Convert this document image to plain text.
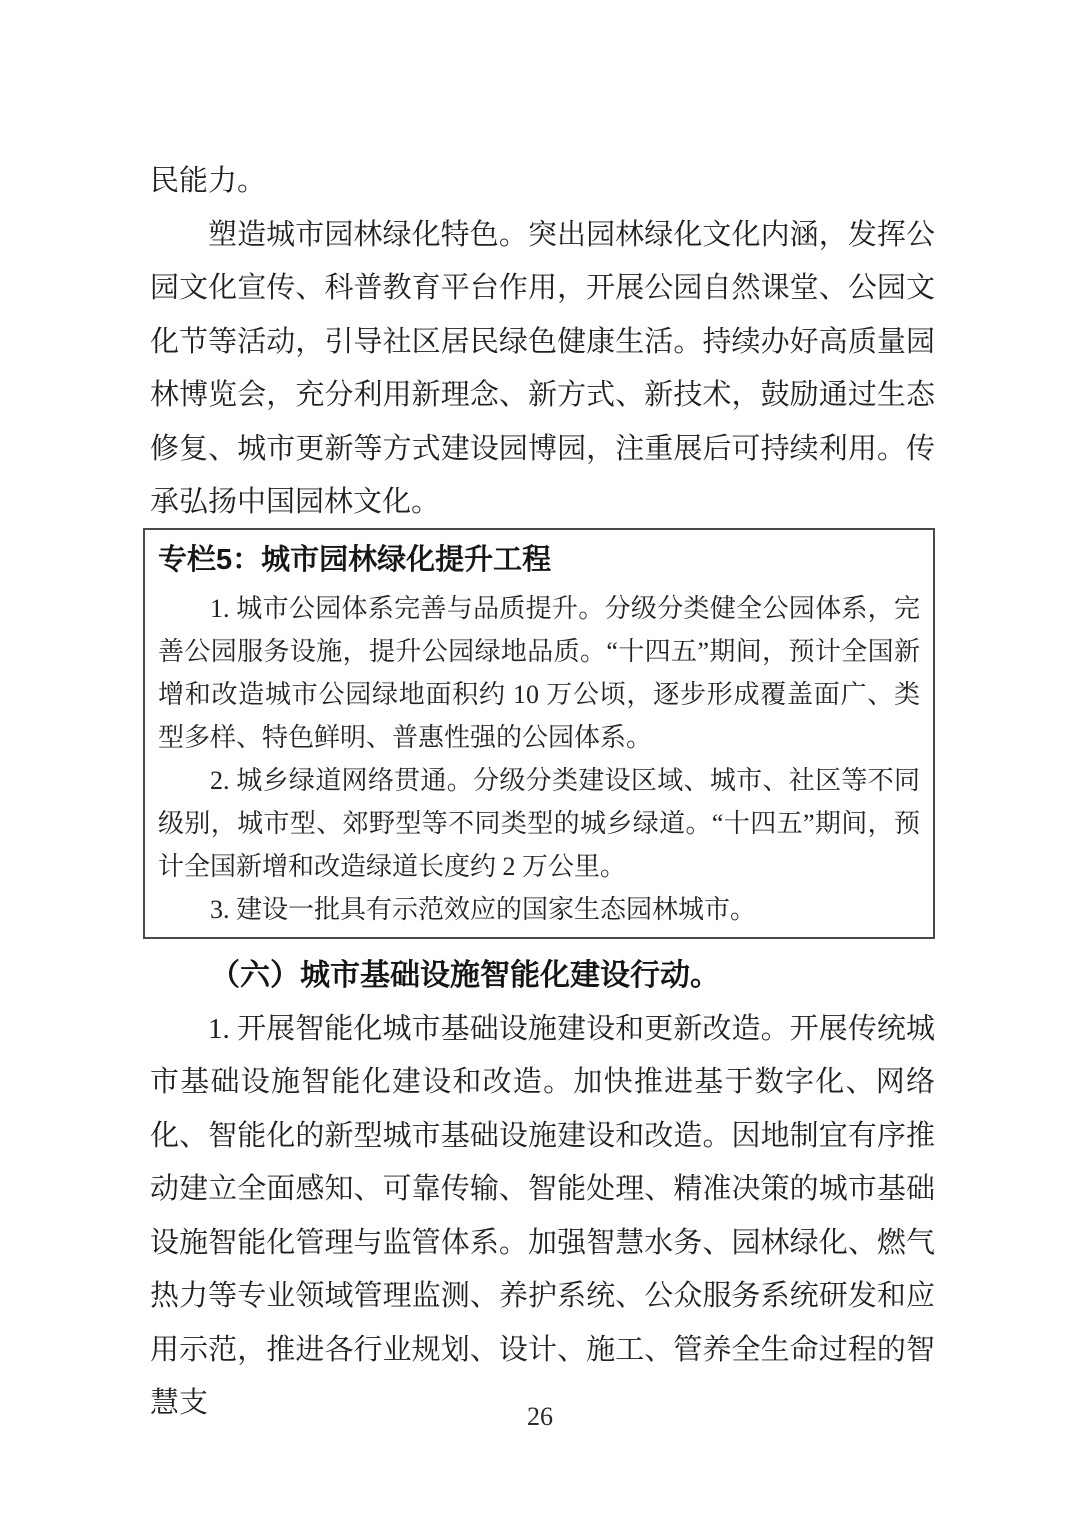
民能力。

塑造城市园林绿化特色。突出园林绿化文化内涵，发挥公园文化宣传、科普教育平台作用，开展公园自然课堂、公园文化节等活动，引导社区居民绿色健康生活。持续办好高质量园林博览会，充分利用新理念、新方式、新技术，鼓励通过生态修复、城市更新等方式建设园博园，注重展后可持续利用。传承弘扬中国园林文化。

专栏5：城市园林绿化提升工程

1. 城市公园体系完善与品质提升。分级分类健全公园体系，完善公园服务设施，提升公园绿地品质。“十四五”期间，预计全国新增和改造城市公园绿地面积约 10 万公顷，逐步形成覆盖面广、类型多样、特色鲜明、普惠性强的公园体系。

2. 城乡绿道网络贯通。分级分类建设区域、城市、社区等不同级别，城市型、郊野型等不同类型的城乡绿道。“十四五”期间，预计全国新增和改造绿道长度约 2 万公里。

3. 建设一批具有示范效应的国家生态园林城市。

（六）城市基础设施智能化建设行动。

1. 开展智能化城市基础设施建设和更新改造。开展传统城市基础设施智能化建设和改造。加快推进基于数字化、网络化、智能化的新型城市基础设施建设和改造。因地制宜有序推动建立全面感知、可靠传输、智能处理、精准决策的城市基础设施智能化管理与监管体系。加强智慧水务、园林绿化、燃气热力等专业领域管理监测、养护系统、公众服务系统研发和应用示范，推进各行业规划、设计、施工、管养全生命过程的智慧支	26
